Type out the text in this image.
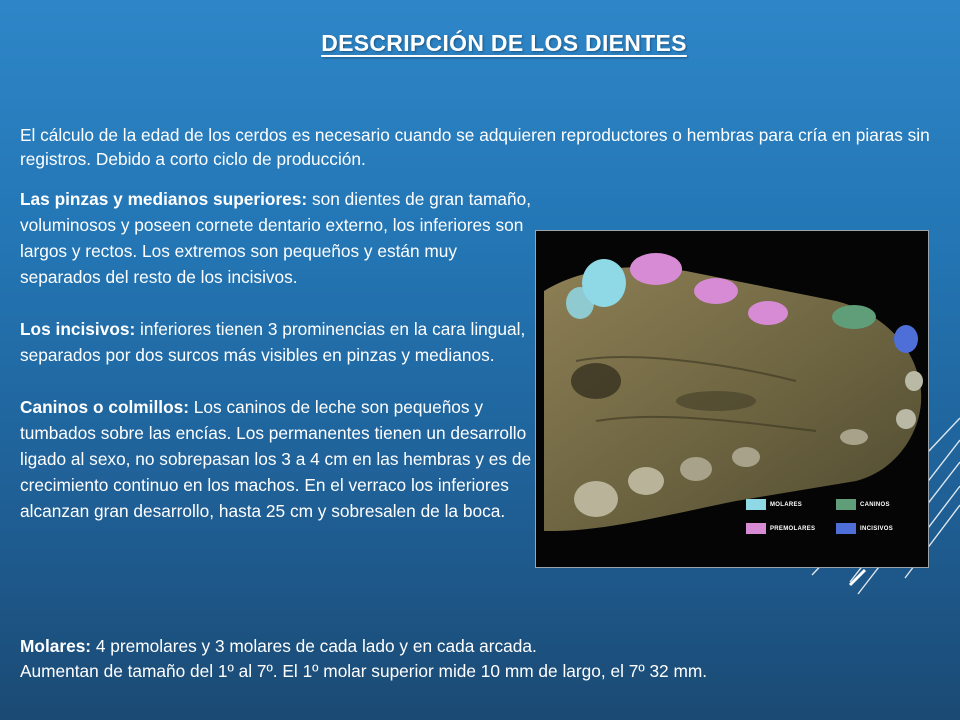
DESCRIPCIÓN DE LOS DIENTES
El cálculo de la edad de los cerdos es necesario cuando se adquieren reproductores o hembras para cría en piaras sin registros. Debido a corto ciclo de producción.

Las pinzas y medianos superiores: son dientes de gran tamaño, voluminosos y poseen cornete dentario externo, los inferiores son largos y rectos. Los extremos son pequeños y están muy separados del resto de los incisivos.

Los incisivos: inferiores tienen 3 prominencias en la cara lingual, separados por dos surcos más visibles en pinzas y medianos.

Caninos o colmillos: Los caninos de leche son pequeños y tumbados sobre las encías. Los permanentes tienen un desarrollo ligado al sexo, no sobrepasan los 3 a 4 cm en las hembras y es de crecimiento continuo en los machos. En el verraco los inferiores alcanzan gran desarrollo, hasta 25 cm y sobresalen de la boca.	MOLARES	CANINOS
PREMOLARES	INCISIVOS
Molares: 4 premolares y 3 molares de cada lado y en cada arcada.
Aumentan de tamaño del 1º al 7º. El 1º molar superior mide 10 mm de largo, el 7º 32 mm.
